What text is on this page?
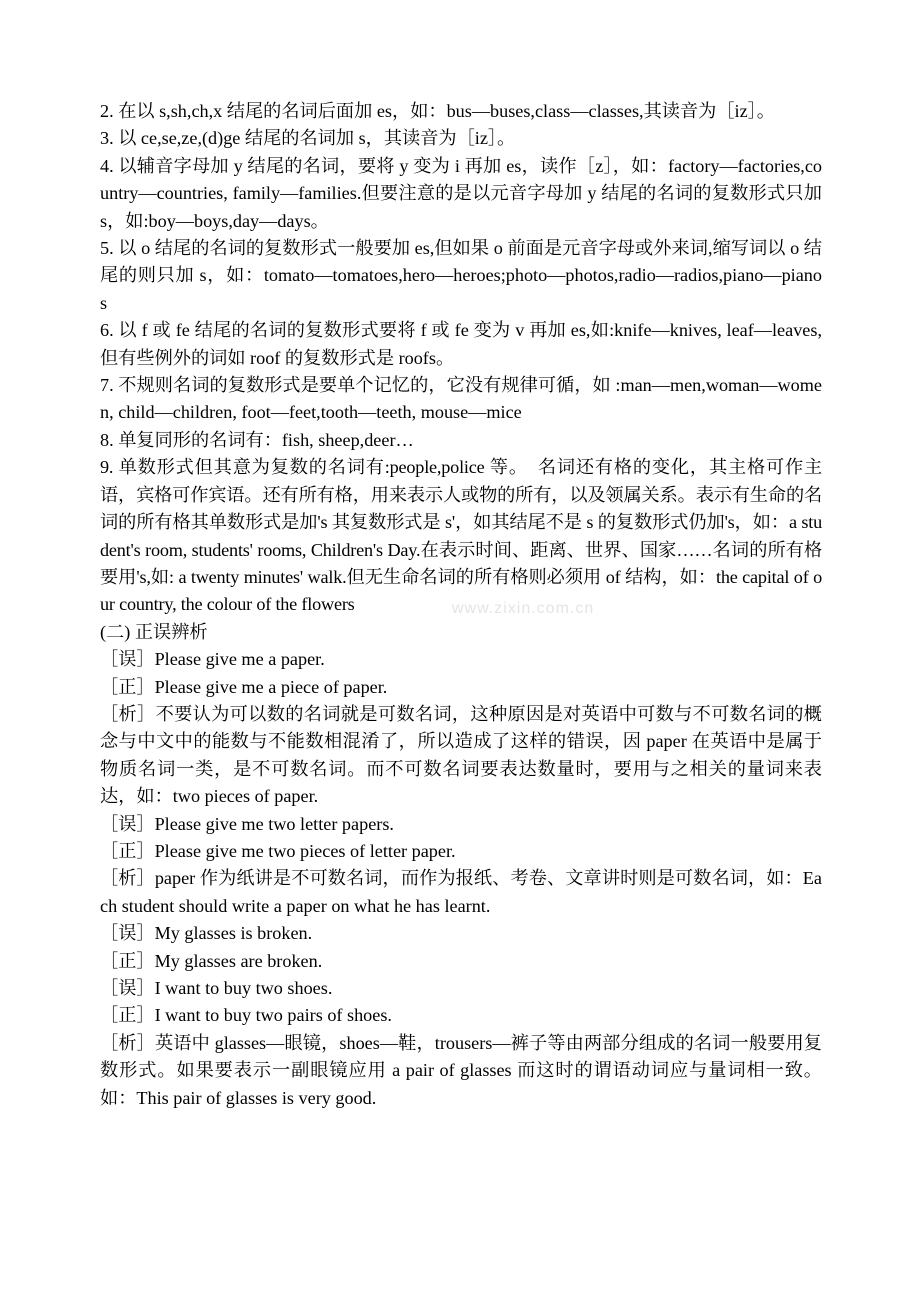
2. 在以 s,sh,ch,x 结尾的名词后面加 es，如：bus—buses,class—classes,其读音为［iz］。

3. 以 ce,se,ze,(d)ge 结尾的名词加 s，其读音为［iz］。

4. 以辅音字母加 y 结尾的名词，要将 y 变为 i 再加 es，读作［z］，如：factory—factories,country—countries, family—families.但要注意的是以元音字母加 y 结尾的名词的复数形式只加 s，如:boy—boys,day—days。

5. 以 o 结尾的名词的复数形式一般要加 es,但如果 o 前面是元音字母或外来词,缩写词以 o 结尾的则只加 s，如：tomato—tomatoes,hero—heroes;photo—photos,radio—radios,piano—pianos

6. 以 f 或 fe 结尾的名词的复数形式要将 f 或 fe 变为 v 再加 es,如:knife—knives, leaf—leaves, 但有些例外的词如 roof 的复数形式是 roofs。

7. 不规则名词的复数形式是要单个记忆的，它没有规律可循，如 :man—men,woman—women, child—children, foot—feet,tooth—teeth, mouse—mice

8. 单复同形的名词有：fish, sheep,deer…

9. 单数形式但其意为复数的名词有:people,police 等。　名词还有格的变化，其主格可作主语，宾格可作宾语。还有所有格，用来表示人或物的所有，以及领属关系。表示有生命的名词的所有格其单数形式是加's 其复数形式是 s'，如其结尾不是 s 的复数形式仍加's，如：a student's room, students' rooms, Children's Day.在表示时间、距离、世界、国家……名词的所有格要用's,如: a twenty minutes' walk.但无生命名词的所有格则必须用 of 结构，如：the capital of our country, the colour of the flowers

(二) 正误辨析

［误］Please give me a paper.

［正］Please give me a piece of paper.

［析］不要认为可以数的名词就是可数名词，这种原因是对英语中可数与不可数名词的概念与中文中的能数与不能数相混淆了，所以造成了这样的错误，因 paper 在英语中是属于物质名词一类，是不可数名词。而不可数名词要表达数量时，要用与之相关的量词来表达，如：two pieces of paper.

［误］Please give me two letter papers.

［正］Please give me two pieces of letter paper.

［析］paper 作为纸讲是不可数名词，而作为报纸、考卷、文章讲时则是可数名词，如：Each student should write a paper on what he has learnt.

［误］My glasses is broken.

［正］My glasses are broken.

［误］I want to buy two shoes.

［正］I want to buy two pairs of shoes.

［析］英语中 glasses—眼镜，shoes—鞋，trousers—裤子等由两部分组成的名词一般要用复数形式。如果要表示一副眼镜应用 a pair of glasses 而这时的谓语动词应与量词相一致。如：This pair of glasses is very good.

www.zixin.com.cn
